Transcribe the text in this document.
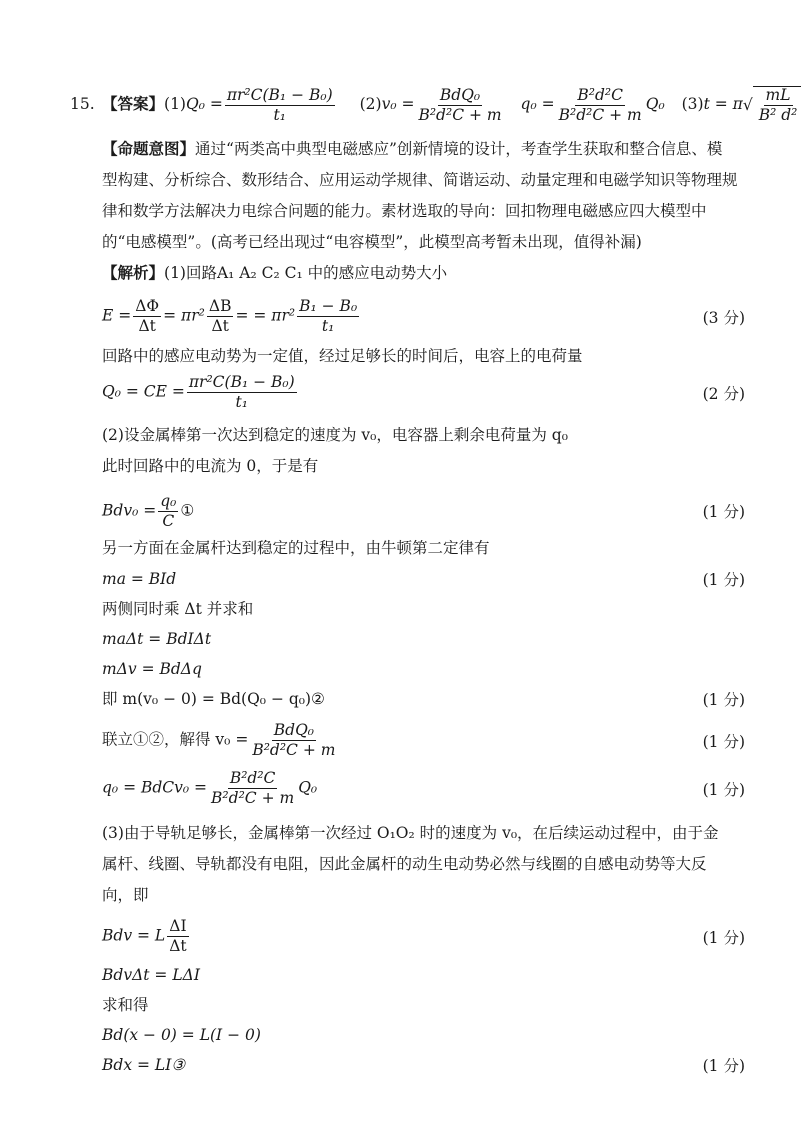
15. 【答案】$(1)Q_0 = \frac{\text{πr²C(B₁ − B₀)}}{\text{t₁}} (2)v_0 = \frac{\text{BdQ₀}}{\text{B²d²C + m}} q_0 = \frac{\text{B²d²C}}{\text{B²d²C + m}} Q_0$ (3)t = π √ $\frac{mL}{\text{B² d²}}$
【命题意图】通过“两类高中典型电磁感应”创新情境的设计，考查学生获取和整合信息、模
型构建、分析综合、数形结合、应用运动学规律、简谐运动、动量定理和电磁学知识等物理规
律和数学方法解决力电综合问题的能力。素材选取的导向：回扣物理电磁感应四大模型中
的“电感模型”。(高考已经出现过“电容模型”，此模型高考暂未出现，值得补漏)
【解析】(1)回路A₁ A₂ C₂ C₁ 中的感应电动势大小
$E = \frac{\Delta\Phi}{\Delta t} = \pi r^2 \frac{\Delta B}{\Delta t}$ = = $\pi r^2 \frac{\text{B₁ − B₀}}{\text{t₁}}$	(3 分)
回路中的感应电动势为一定值，经过足够长的时间后，电容上的电荷量
Q₀ = CE = $\frac{\text{πr²C(B₁ − B₀)}}{\text{t₁}}$	(2 分)
(2)设金属棒第一次达到稳定的速度为 v₀，电容器上剩余电荷量为 q₀
此时回路中的电流为 0，于是有
$Bdv_0 = \frac{\text{q₀}}{C}$ ①	(1 分)
另一方面在金属杆达到稳定的过程中，由牛顿第二定律有
ma = BId	(1 分)
两侧同时乘 Δt 并求和
maΔt = BdIΔt
mΔv = BdΔq
即 m(v₀ − 0) = Bd(Q₀ − q₀)②	(1 分)
联立①②，解得 $v_0 = \frac{\text{BdQ₀}}{\text{B²d²C + m}}$	(1 分)
q₀ = BdCv₀ = $\frac{\text{B²d²C}}{\text{B²d²C + m}} Q_0$	(1 分)
(3)由于导轨足够长，金属棒第一次经过 O₁O₂ 时的速度为 v₀，在后续运动过程中，由于金
属杆、线圈、导轨都没有电阻，因此金属杆的动生电动势必然与线圈的自感电动势等大反
向，即
Bdv = L $\frac{\Delta I}{\Delta t}$	(1 分)
BdvΔt = LΔI
求和得
Bd(x − 0) = L(I − 0)
Bdx = LI③	(1 分)
